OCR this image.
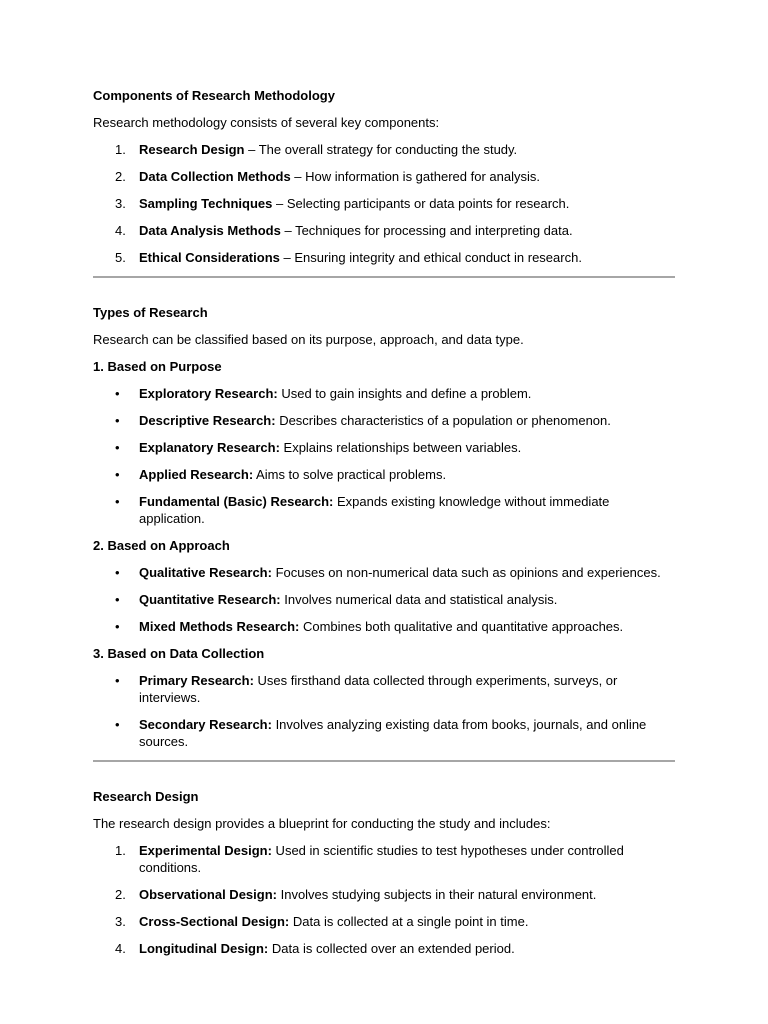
Components of Research Methodology

Research methodology consists of several key components:

1.	Research Design – The overall strategy for conducting the study.
2.	Data Collection Methods – How information is gathered for analysis.
3.	Sampling Techniques – Selecting participants or data points for research.
4.	Data Analysis Methods – Techniques for processing and interpreting data.
5.	Ethical Considerations – Ensuring integrity and ethical conduct in research.

Types of Research

Research can be classified based on its purpose, approach, and data type.

1. Based on Purpose

•	Exploratory Research: Used to gain insights and define a problem.
•	Descriptive Research: Describes characteristics of a population or phenomenon.
•	Explanatory Research: Explains relationships between variables.
•	Applied Research: Aims to solve practical problems.
•	Fundamental (Basic) Research: Expands existing knowledge without immediate application.

2. Based on Approach

•	Qualitative Research: Focuses on non-numerical data such as opinions and experiences.
•	Quantitative Research: Involves numerical data and statistical analysis.
•	Mixed Methods Research: Combines both qualitative and quantitative approaches.

3. Based on Data Collection

•	Primary Research: Uses firsthand data collected through experiments, surveys, or interviews.
•	Secondary Research: Involves analyzing existing data from books, journals, and online sources.

Research Design

The research design provides a blueprint for conducting the study and includes:

1.	Experimental Design: Used in scientific studies to test hypotheses under controlled conditions.
2.	Observational Design: Involves studying subjects in their natural environment.
3.	Cross-Sectional Design: Data is collected at a single point in time.
4.	Longitudinal Design: Data is collected over an extended period.
